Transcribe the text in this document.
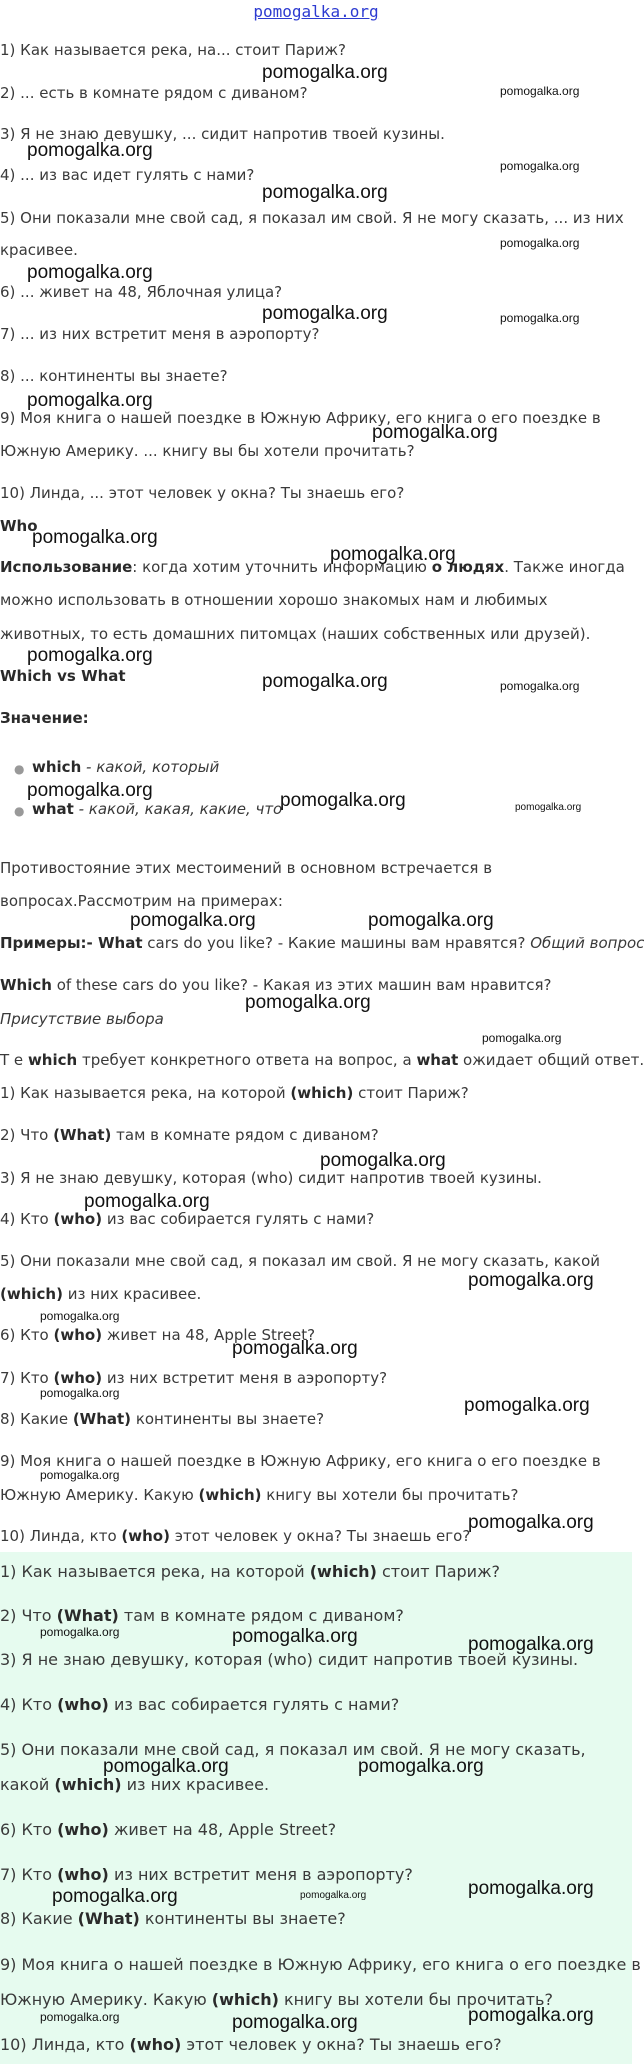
pomogalka.org
1) Как называется река, на... стоит Париж?
2) ... есть в комнате рядом с диваном?
3) Я не знаю девушку, ... сидит напротив твоей кузины.
4) ... из вас идет гулять с нами?
5) Они показали мне свой сад, я показал им свой. Я не могу сказать, ... из них
красивее.
6) ... живет на 48, Яблочная улица?
7) ... из них встретит меня в аэропорту?
8) ... континенты вы знаете?
9) Моя книга о нашей поездке в Южную Африку, его книга о его поездке в
Южную Америку. ... книгу вы бы хотели прочитать?
10) Линда, ... этот человек у окна? Ты знаешь его?
Who
Использование: когда хотим уточнить информацию о людях. Также иногда
можно использовать в отношении хорошо знакомых нам и любимых
животных, то есть домашних питомцах (наших собственных или друзей).
Which vs What
Значение:
● which - какой, который
● what - какой, какая, какие, что
Противостояние этих местоимений в основном встречается в
вопросах.Рассмотрим на примерах:
Примеры:- What cars do you like? - Какие машины вам нравятся? Общий вопрос
Which of these cars do you like? - Какая из этих машин вам нравится?
Присутствие выбора
Т е which требует конкретного ответа на вопрос, а what ожидает общий ответ.
1) Как называется река, на которой (which) стоит Париж?
2) Что (What) там в комнате рядом с диваном?
3) Я не знаю девушку, которая (who) сидит напротив твоей кузины.
4) Кто (who) из вас собирается гулять с нами?
5) Они показали мне свой сад, я показал им свой. Я не могу сказать, какой
(which) из них красивее.
6) Кто (who) живет на 48, Apple Street?
7) Кто (who) из них встретит меня в аэропорту?
8) Какие (What) континенты вы знаете?
9) Моя книга о нашей поездке в Южную Африку, его книга о его поездке в
Южную Америку. Какую (which) книгу вы хотели бы прочитать?
10) Линда, кто (who) этот человек у окна? Ты знаешь его?
1) Как называется река, на которой (which) стоит Париж?
2) Что (What) там в комнате рядом с диваном?
3) Я не знаю девушку, которая (who) сидит напротив твоей кузины.
4) Кто (who) из вас собирается гулять с нами?
5) Они показали мне свой сад, я показал им свой. Я не могу сказать,
какой (which) из них красивее.
6) Кто (who) живет на 48, Apple Street?
7) Кто (who) из них встретит меня в аэропорту?
8) Какие (What) континенты вы знаете?
9) Моя книга о нашей поездке в Южную Африку, его книга о его поездке в
Южную Америку. Какую (which) книгу вы хотели бы прочитать?
10) Линда, кто (who) этот человек у окна? Ты знаешь его?
pomogalka.org
pomogalka.org
pomogalka.org
pomogalka.org
pomogalka.org
pomogalka.org
pomogalka.org
pomogalka.org	pomogalka.org
pomogalka.org
pomogalka.org
pomogalka.org
pomogalka.org
pomogalka.org
pomogalka.org	pomogalka.org
pomogalka.org	pomogalka.org	pomogalka.org
pomogalka.org	pomogalka.org
pomogalka.org
pomogalka.org
pomogalka.org
pomogalka.org
pomogalka.org
pomogalka.org
pomogalka.org
pomogalka.org
pomogalka.org
pomogalka.org
pomogalka.org
pomogalka.org	pomogalka.org	pomogalka.org
pomogalka.org	pomogalka.org
pomogalka.org	pomogalka.org	pomogalka.org
pomogalka.org	pomogalka.org	pomogalka.org
